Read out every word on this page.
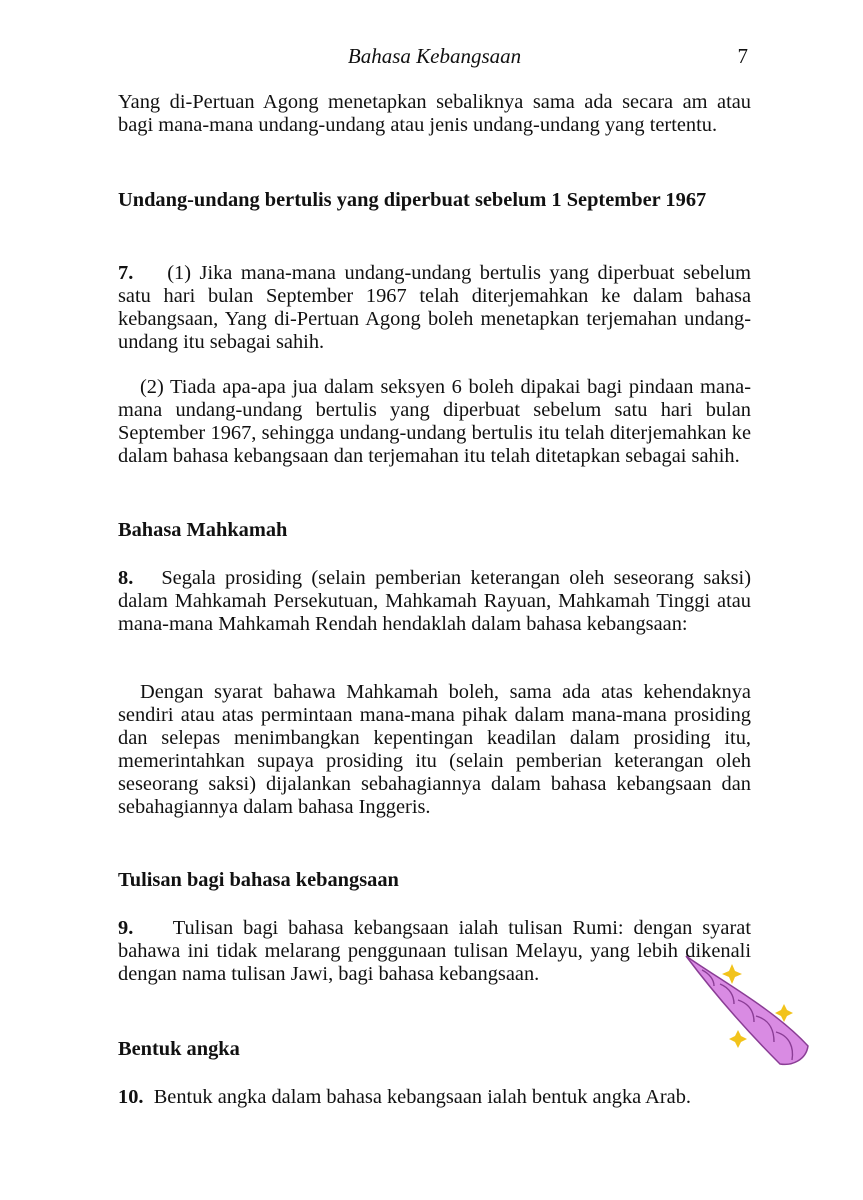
Bahasa Kebangsaan	7
Yang di-Pertuan Agong menetapkan sebaliknya sama ada secara am atau bagi mana-mana undang-undang atau jenis undang-undang yang tertentu.
Undang-undang bertulis yang diperbuat sebelum 1 September 1967
7. (1) Jika mana-mana undang-undang bertulis yang diperbuat sebelum satu hari bulan September 1967 telah diterjemahkan ke dalam bahasa kebangsaan, Yang di-Pertuan Agong boleh menetapkan terjemahan undang-undang itu sebagai sahih.
(2) Tiada apa-apa jua dalam seksyen 6 boleh dipakai bagi pindaan mana-mana undang-undang bertulis yang diperbuat sebelum satu hari bulan September 1967, sehingga undang-undang bertulis itu telah diterjemahkan ke dalam bahasa kebangsaan dan terjemahan itu telah ditetapkan sebagai sahih.
Bahasa Mahkamah
8. Segala prosiding (selain pemberian keterangan oleh seseorang saksi) dalam Mahkamah Persekutuan, Mahkamah Rayuan, Mahkamah Tinggi atau mana-mana Mahkamah Rendah hendaklah dalam bahasa kebangsaan:
Dengan syarat bahawa Mahkamah boleh, sama ada atas kehendaknya sendiri atau atas permintaan mana-mana pihak dalam mana-mana prosiding dan selepas menimbangkan kepentingan keadilan dalam prosiding itu, memerintahkan supaya prosiding itu (selain pemberian keterangan oleh seseorang saksi) dijalankan sebahagiannya dalam bahasa kebangsaan dan sebahagiannya dalam bahasa Inggeris.
Tulisan bagi bahasa kebangsaan
9. Tulisan bagi bahasa kebangsaan ialah tulisan Rumi: dengan syarat bahawa ini tidak melarang penggunaan tulisan Melayu, yang lebih dikenali dengan nama tulisan Jawi, bagi bahasa kebangsaan.
Bentuk angka
10. Bentuk angka dalam bahasa kebangsaan ialah bentuk angka Arab.
